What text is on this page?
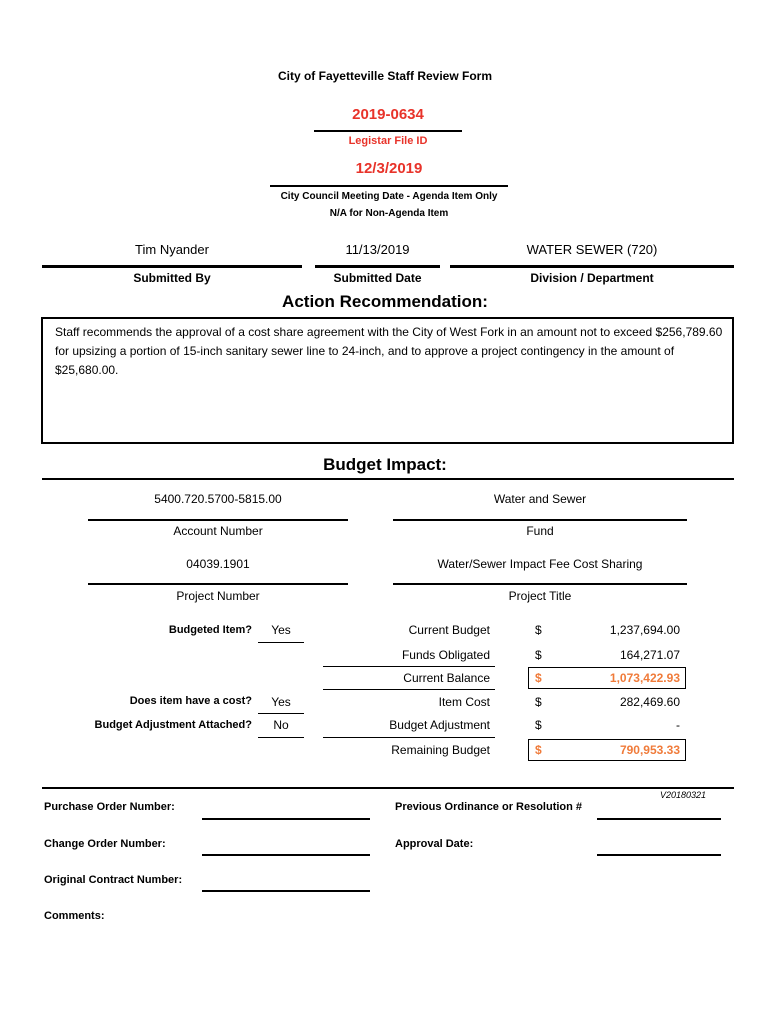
City of Fayetteville Staff Review Form
2019-0634
Legistar File ID
12/3/2019
City Council Meeting Date - Agenda Item Only
N/A for Non-Agenda Item
Tim Nyander
Submitted By
11/13/2019
Submitted Date
WATER SEWER (720)
Division / Department
Action Recommendation:
Staff recommends the approval of a cost share agreement with the City of West Fork in an amount not to exceed $256,789.60 for upsizing a portion of 15-inch sanitary sewer line to 24-inch, and to approve a project contingency in the amount of $25,680.00.
Budget Impact:
5400.720.5700-5815.00
Account Number
Water and Sewer
Fund
04039.1901
Project Number
Water/Sewer Impact Fee Cost Sharing
Project Title
Budgeted Item?	Yes
Does item have a cost?	Yes
Budget Adjustment Attached?	No
Current Budget	$	1,237,694.00
Funds Obligated	$	164,271.07
Current Balance	$	1,073,422.93
Item Cost	$	282,469.60
Budget Adjustment	$	-
Remaining Budget	$	790,953.33
V20180321
Purchase Order Number:	Previous Ordinance or Resolution #
Change Order Number:	Approval Date:
Original Contract Number:
Comments:
